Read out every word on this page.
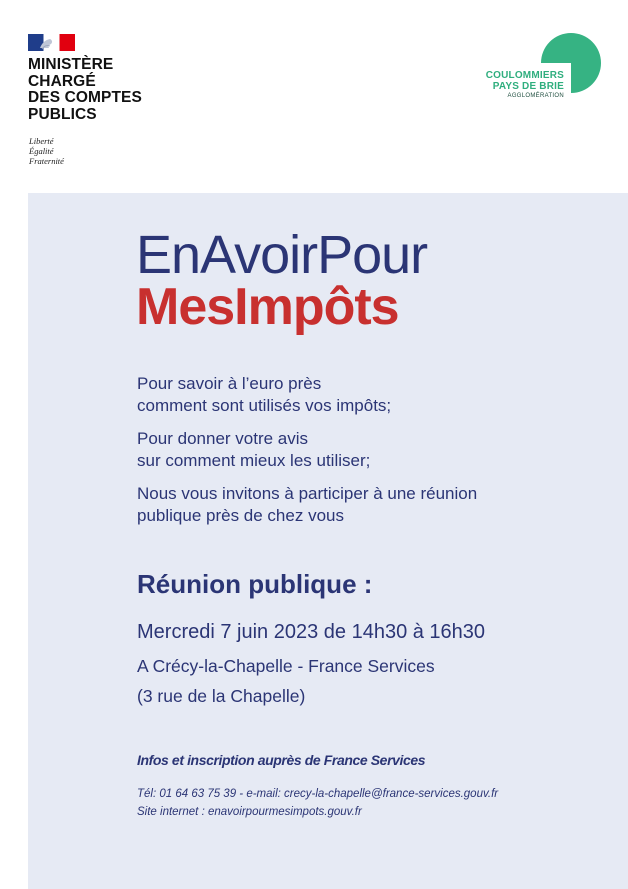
MINISTÈRE
CHARGÉ
DES COMPTES
PUBLICS
Liberté
Égalité
Fraternité
COULOMMIERS
PAYS DE BRIE
AGGLOMÉRATION
EnAvoirPour
MesImpôts
Pour savoir à l’euro près
comment sont utilisés vos impôts;
Pour donner votre avis
sur comment mieux les utiliser;
Nous vous invitons à participer à une réunion
publique près de chez vous
Réunion publique :
Mercredi 7 juin 2023 de 14h30 à 16h30
A Crécy-la-Chapelle - France Services
(3 rue de la Chapelle)
Infos et inscription auprès de France Services
Tél: 01 64 63 75 39 - e-mail: crecy-la-chapelle@france-services.gouv.fr
Site internet : enavoirpourmesimpots.gouv.fr
